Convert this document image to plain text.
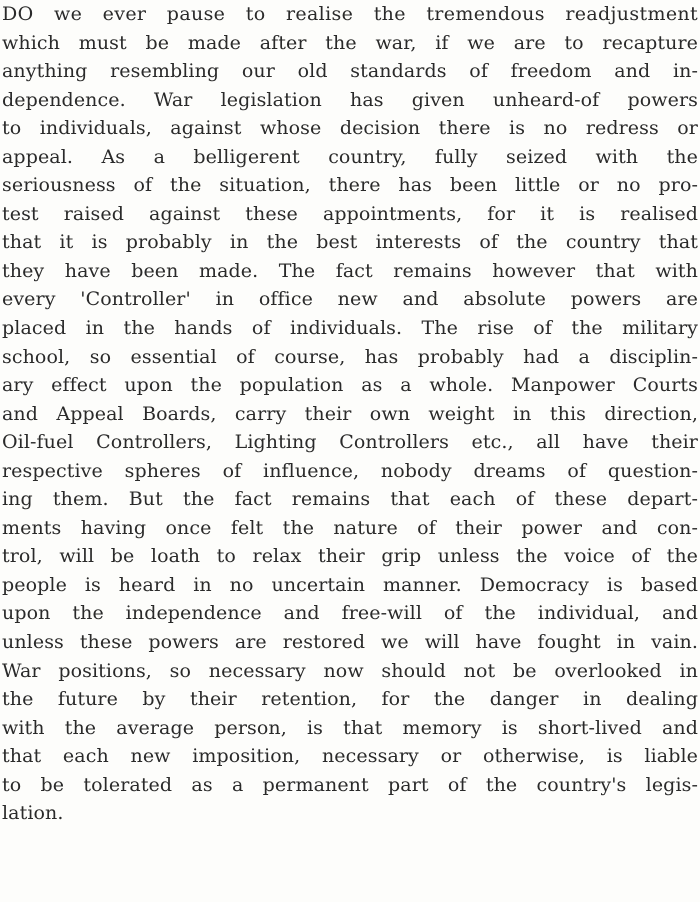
DO we ever pause to realise the tremendous readjustment
which must be made after the war, if we are to recapture
anything resembling our old standards of freedom and in-
dependence. War legislation has given unheard-of powers
to individuals, against whose decision there is no redress or
appeal. As a belligerent country, fully seized with the
seriousness of the situation, there has been little or no pro-
test raised against these appointments, for it is realised
that it is probably in the best interests of the country that
they have been made. The fact remains however that with
every 'Controller' in office new and absolute powers are
placed in the hands of individuals. The rise of the military
school, so essential of course, has probably had a disciplin-
ary effect upon the population as a whole. Manpower Courts
and Appeal Boards, carry their own weight in this direction,
Oil-fuel Controllers, Lighting Controllers etc., all have their
respective spheres of influence, nobody dreams of question-
ing them. But the fact remains that each of these depart-
ments having once felt the nature of their power and con-
trol, will be loath to relax their grip unless the voice of the
people is heard in no uncertain manner. Democracy is based
upon the independence and free-will of the individual, and
unless these powers are restored we will have fought in vain.
War positions, so necessary now should not be overlooked in
the future by their retention, for the danger in dealing
with the average person, is that memory is short-lived and
that each new imposition, necessary or otherwise, is liable
to be tolerated as a permanent part of the country's legis-
lation.
